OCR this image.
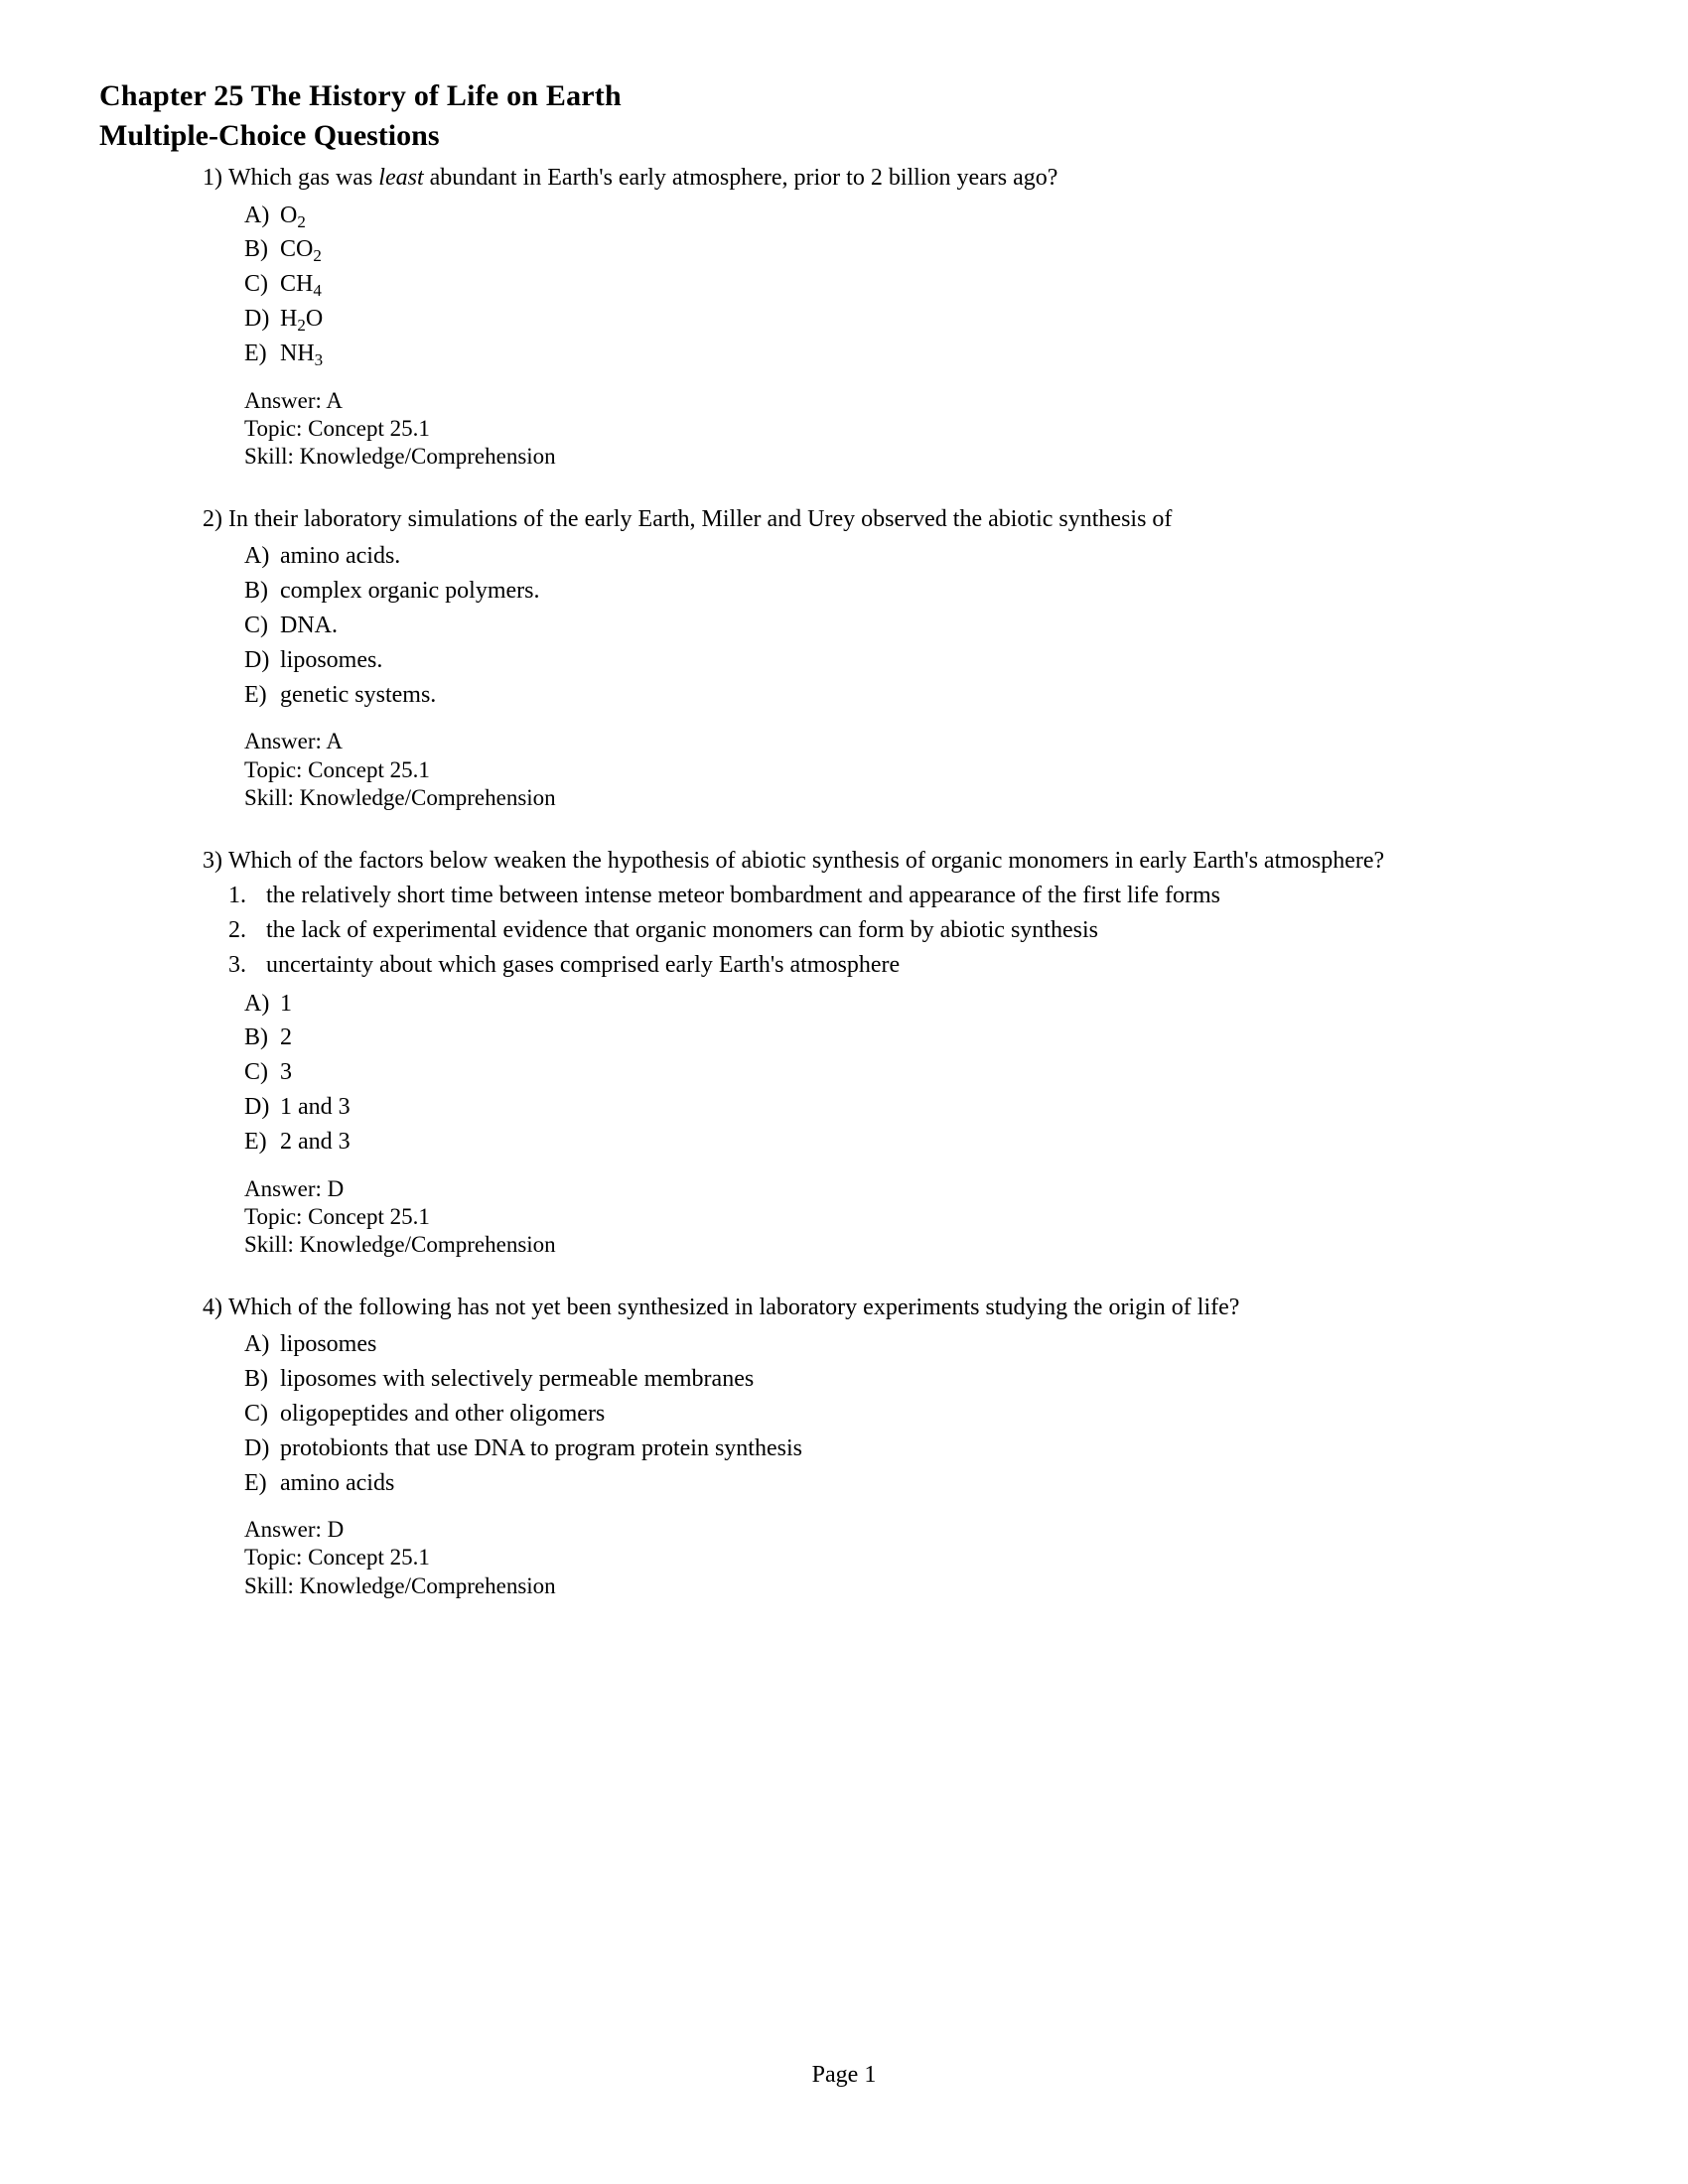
Chapter 25 The History of Life on Earth
Multiple-Choice Questions
1) Which gas was least abundant in Earth's early atmosphere, prior to 2 billion years ago?
A) $O_2$
B) $CO_2$
C) $CH_4$
D) $H_2O$
E) $NH_3$
Answer: A
Topic: Concept 25.1
Skill: Knowledge/Comprehension
2) In their laboratory simulations of the early Earth, Miller and Urey observed the abiotic synthesis of
A) amino acids.
B) complex organic polymers.
C) DNA.
D) liposomes.
E) genetic systems.
Answer: A
Topic: Concept 25.1
Skill: Knowledge/Comprehension
3) Which of the factors below weaken the hypothesis of abiotic synthesis of organic monomers in early Earth's atmosphere?
1. the relatively short time between intense meteor bombardment and appearance of the first life forms
2. the lack of experimental evidence that organic monomers can form by abiotic synthesis
3. uncertainty about which gases comprised early Earth's atmosphere
A) 1
B) 2
C) 3
D) 1 and 3
E) 2 and 3
Answer: D
Topic: Concept 25.1
Skill: Knowledge/Comprehension
4) Which of the following has not yet been synthesized in laboratory experiments studying the origin of life?
A) liposomes
B) liposomes with selectively permeable membranes
C) oligopeptides and other oligomers
D) protobionts that use DNA to program protein synthesis
E) amino acids
Answer: D
Topic: Concept 25.1
Skill: Knowledge/Comprehension
Page 1
